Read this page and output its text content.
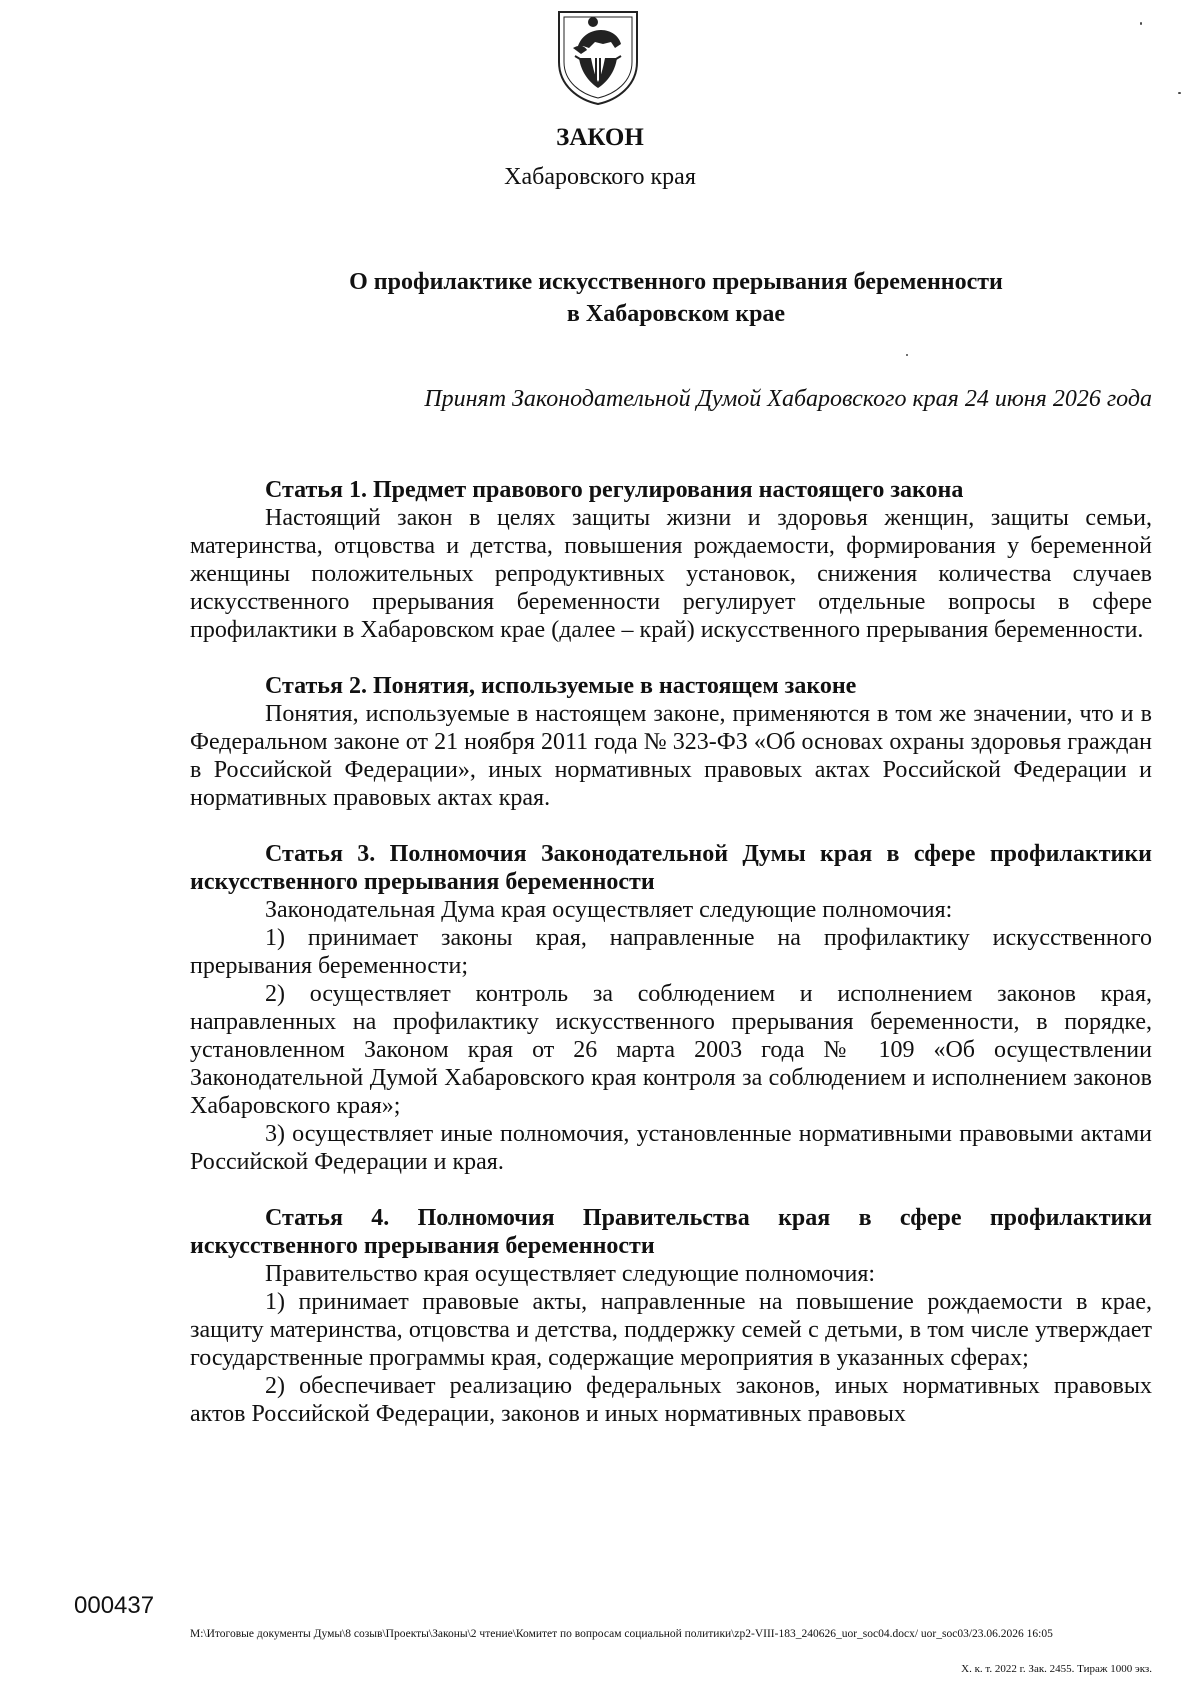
ЗАКОН
Хабаровского края
О профилактике искусственного прерывания беременности
в Хабаровском крае
Принят Законодательной Думой Хабаровского края 24 июня 2026 года

Статья 1. Предмет правового регулирования настоящего закона

Настоящий закон в целях защиты жизни и здоровья женщин, защиты семьи, материнства, отцовства и детства, повышения рождаемости, формирования у беременной женщины положительных репродуктивных установок, снижения количества случаев искусственного прерывания беременности регулирует отдельные вопросы в сфере профилактики в Хабаровском крае (далее – край) искусственного прерывания беременности.

Статья 2. Понятия, используемые в настоящем законе

Понятия, используемые в настоящем законе, применяются в том же значении, что и в Федеральном законе от 21 ноября 2011 года № 323-ФЗ «Об основах охраны здоровья граждан в Российской Федерации», иных нормативных правовых актах Российской Федерации и нормативных правовых актах края.

Статья 3. Полномочия Законодательной Думы края в сфере профилактики искусственного прерывания беременности

Законодательная Дума края осуществляет следующие полномочия:

1) принимает законы края, направленные на профилактику искусственного прерывания беременности;

2) осуществляет контроль за соблюдением и исполнением законов края, направленных на профилактику искусственного прерывания беременности, в порядке, установленном Законом края от 26 марта 2003 года № 109 «Об осуществлении Законодательной Думой Хабаровского края контроля за соблюдением и исполнением законов Хабаровского края»;

3) осуществляет иные полномочия, установленные нормативными правовыми актами Российской Федерации и края.

Статья 4. Полномочия Правительства края в сфере профилактики искусственного прерывания беременности

Правительство края осуществляет следующие полномочия:

1) принимает правовые акты, направленные на повышение рождаемости в крае, защиту материнства, отцовства и детства, поддержку семей с детьми, в том числе утверждает государственные программы края, содержащие мероприятия в указанных сферах;

2) обеспечивает реализацию федеральных законов, иных нормативных правовых актов Российской Федерации, законов и иных нормативных правовых

М:\Итоговые документы Думы\8 созыв\Проекты\Законы\2 чтение\Комитет по вопросам социальной политики\zp2-VIII-183_240626_uor_soc04.docx/ uor_soc03/23.06.2026 16:05
000437
Х. к. т. 2022 г. Зак. 2455. Тираж 1000 экз.
